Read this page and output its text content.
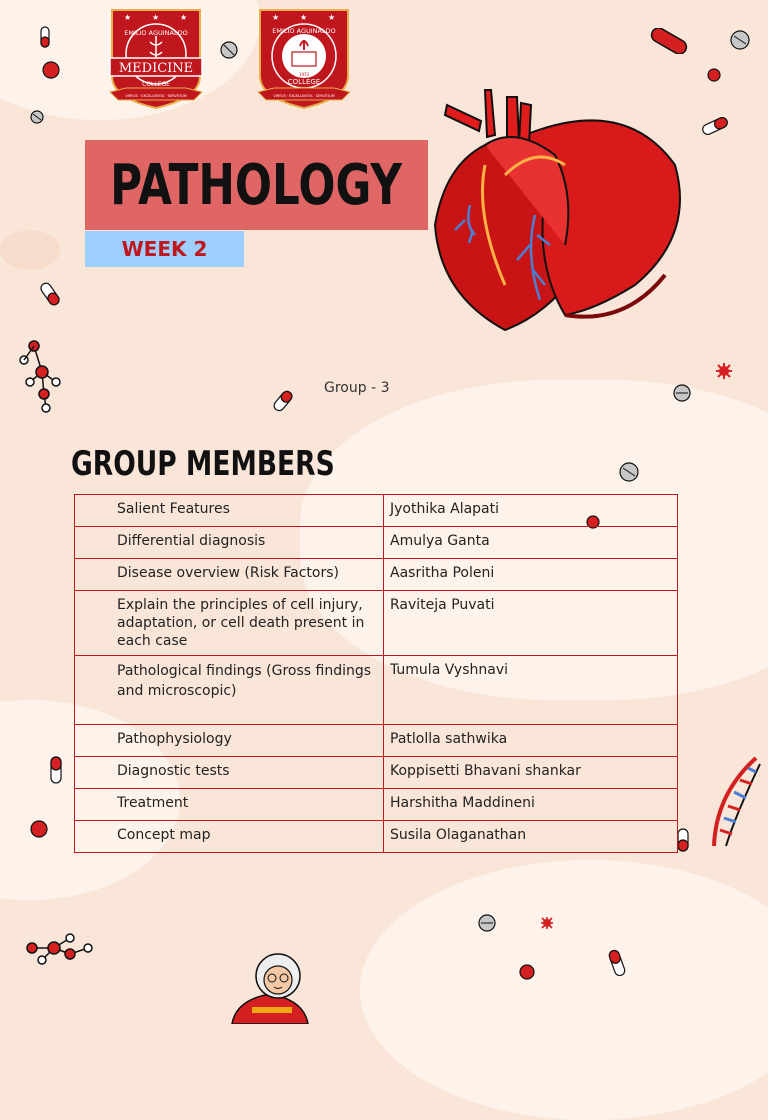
★	★	★
EMILIO AGUINALDO
MEDICINE
COLLEGE
VIRTUS · EXCELLENTIA · SERVITIUM
★	★	★
EMILIO AGUINALDO
COLLEGE
1973
VIRTUS · EXCELLENTIA · SERVITIUM
PATHOLOGY
WEEK 2
Group - 3
GROUP MEMBERS
Salient Features	Jyothika Alapati
Differential diagnosis	Amulya Ganta
Disease overview (Risk Factors)	Aasritha Poleni
Explain the principles of cell injury, adaptation, or cell death present in each case	Raviteja Puvati
Pathological findings (Gross findings and microscopic)	Tumula Vyshnavi
Pathophysiology	Patlolla sathwika
Diagnostic tests	Koppisetti Bhavani shankar
Treatment	Harshitha Maddineni
Concept map	Susila Olaganathan
